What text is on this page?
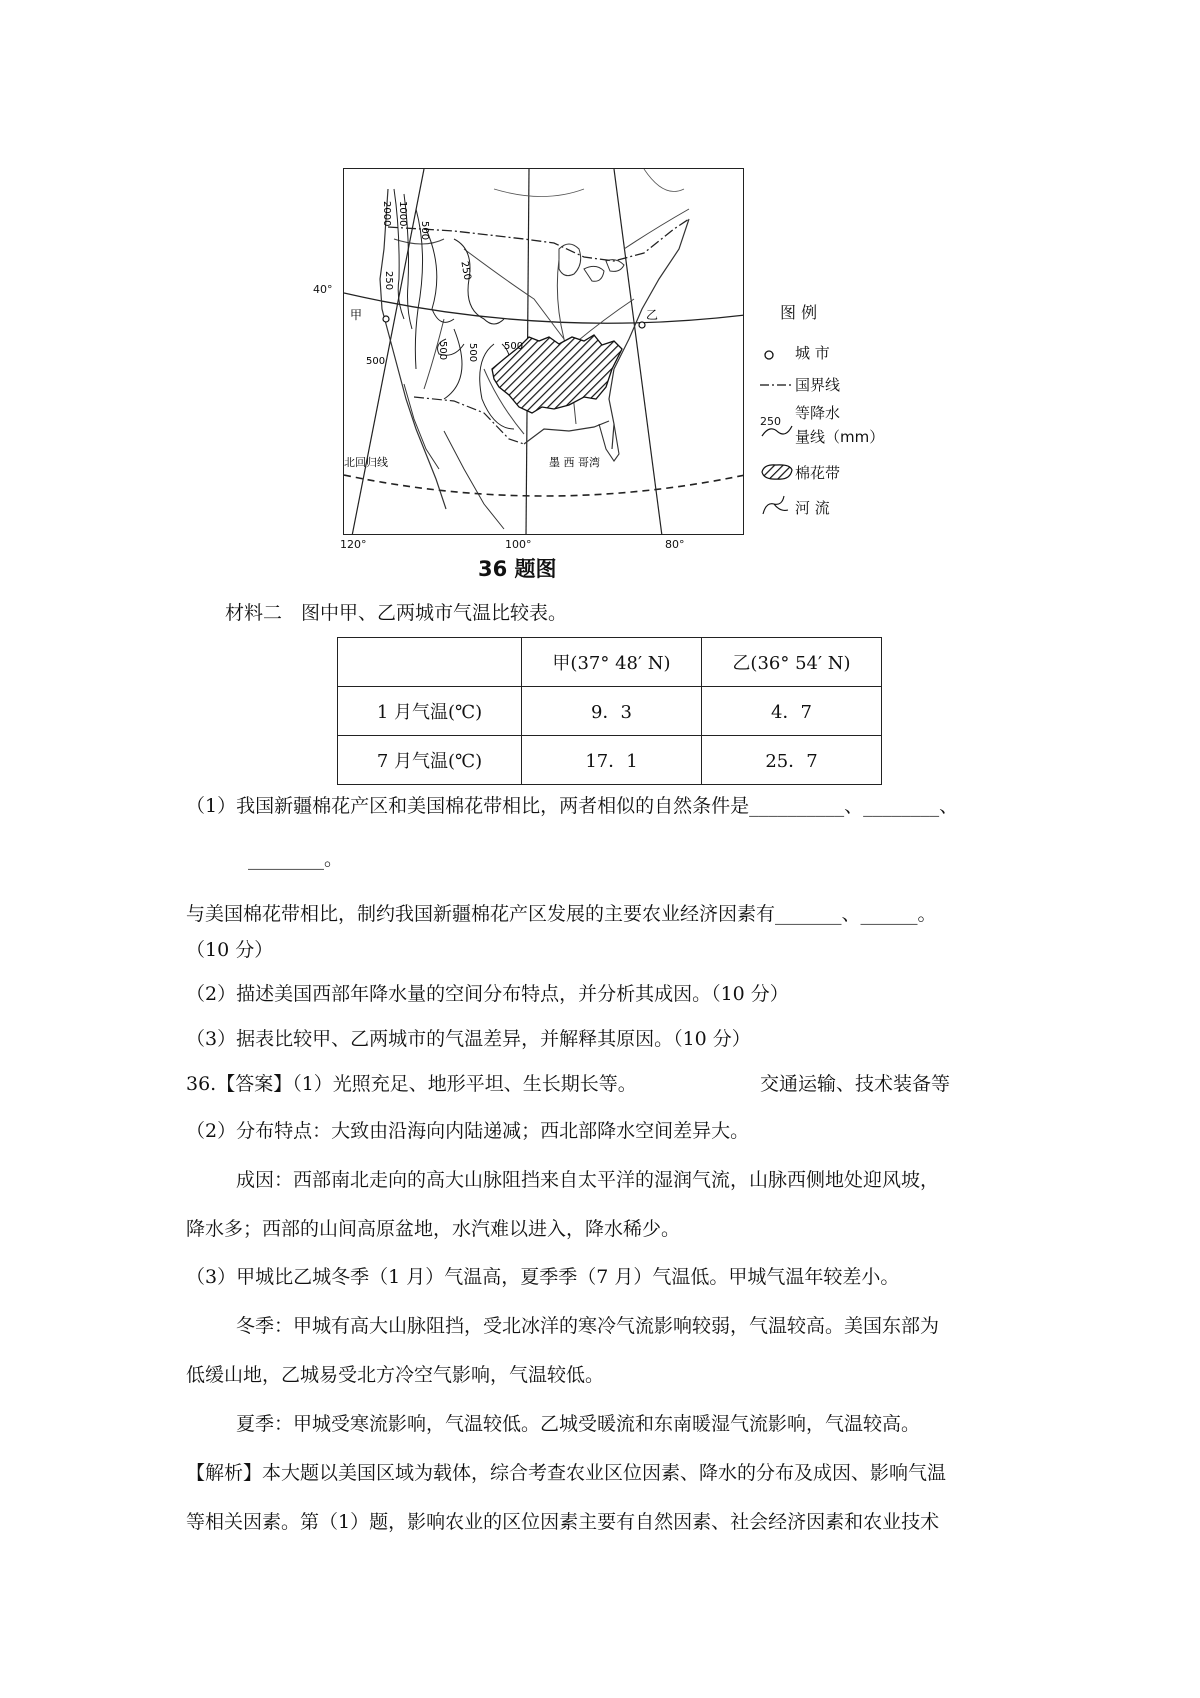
甲	乙
北回归线	墨 西 哥湾
2000 1000
500
250
500
500 500	500
250
40°
120°	100°	80°
图 例
城 市
国界线
250 等降水
量线（mm）
棉花带
河 流
36 题图
材料二　图中甲、乙两城市气温比较表。
	甲(37° 48′ N)	乙(36° 54′ N)
1 月气温(℃)	9．3	4．7
7 月气温(℃)	17．1	25．7
（1）我国新疆棉花产区和美国棉花带相比，两者相似的自然条件是__________、________、
________。
与美国棉花带相比，制约我国新疆棉花产区发展的主要农业经济因素有_______、______。
（10 分）
（2）描述美国西部年降水量的空间分布特点，并分析其成因。（10 分）
（3）据表比较甲、乙两城市的气温差异，并解释其原因。（10 分）
36.【答案】（1）光照充足、地形平坦、生长期长等。	交通运输、技术装备等
（2）分布特点：大致由沿海向内陆递减；西北部降水空间差异大。
成因：西部南北走向的高大山脉阻挡来自太平洋的湿润气流，山脉西侧地处迎风坡，
降水多；西部的山间高原盆地，水汽难以进入，降水稀少。
（3）甲城比乙城冬季（1 月）气温高，夏季季（7 月）气温低。甲城气温年较差小。
冬季：甲城有高大山脉阻挡，受北冰洋的寒冷气流影响较弱，气温较高。美国东部为
低缓山地，乙城易受北方冷空气影响，气温较低。
夏季：甲城受寒流影响，气温较低。乙城受暖流和东南暖湿气流影响，气温较高。
【解析】本大题以美国区域为载体，综合考查农业区位因素、降水的分布及成因、影响气温
等相关因素。第（1）题，影响农业的区位因素主要有自然因素、社会经济因素和农业技术
